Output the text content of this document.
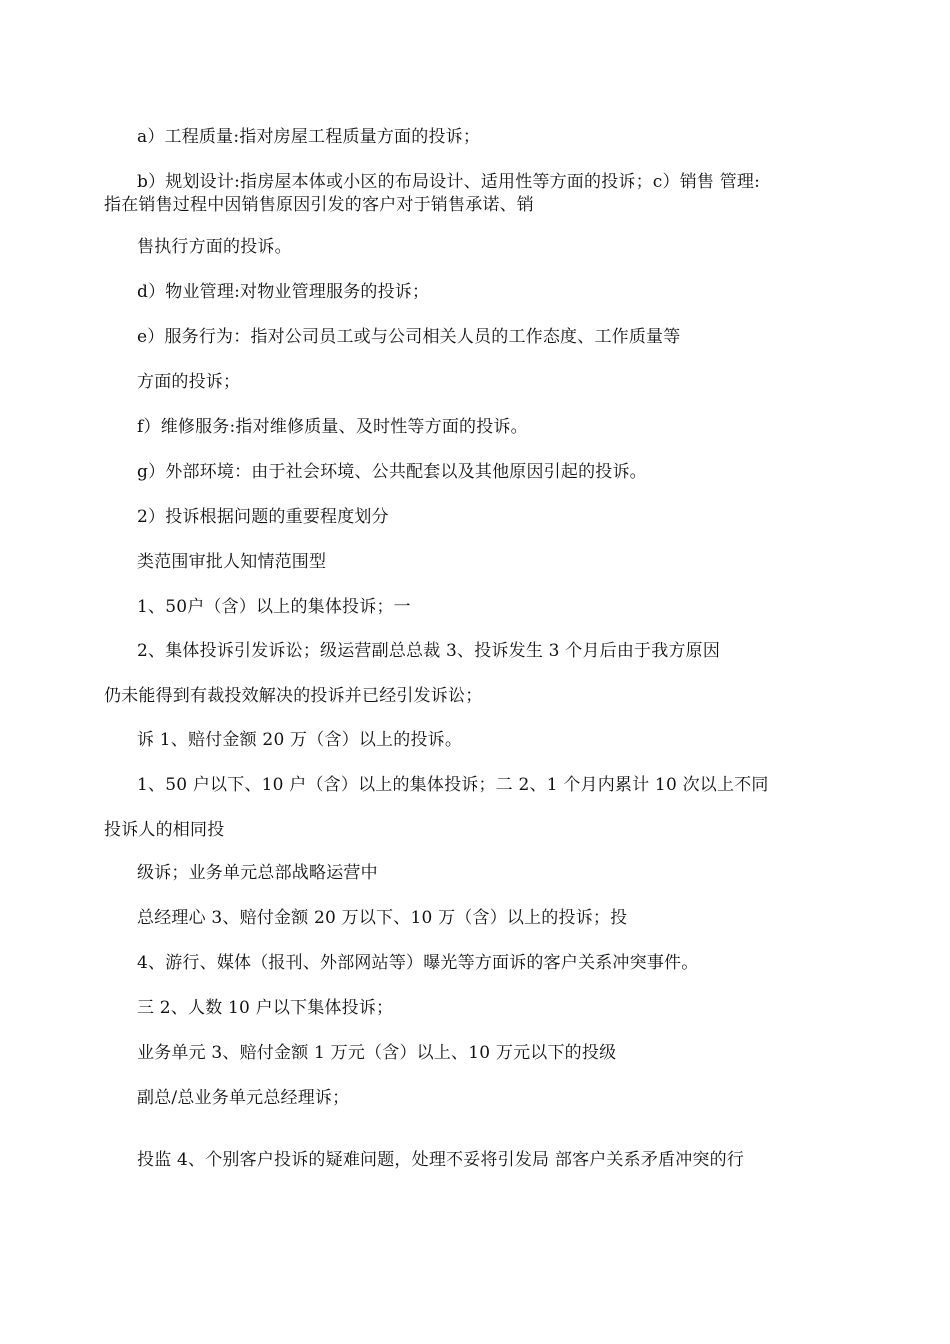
a）工程质量:指对房屋工程质量方面的投诉；
b）规划设计:指房屋本体或小区的布局设计、适用性等方面的投诉；c）销售 管理:
指在销售过程中因销售原因引发的客户对于销售承诺、销
售执行方面的投诉。
d）物业管理:对物业管理服务的投诉；
e）服务行为：指对公司员工或与公司相关人员的工作态度、工作质量等
方面的投诉；
f）维修服务:指对维修质量、及时性等方面的投诉。
g）外部环境：由于社会环境、公共配套以及其他原因引起的投诉。
2）投诉根据问题的重要程度划分
类范围审批人知情范围型
1、50户（含）以上的集体投诉；一
2、集体投诉引发诉讼；级运营副总总裁 3、投诉发生 3 个月后由于我方原因
仍未能得到有裁投效解决的投诉并已经引发诉讼；
诉 1、赔付金额 20 万（含）以上的投诉。
1、50 户以下、10 户（含）以上的集体投诉；二 2、1 个月内累计 10 次以上不同
投诉人的相同投
级诉；业务单元总部战略运营中
总经理心 3、赔付金额 20 万以下、10 万（含）以上的投诉；投
4、游行、媒体（报刊、外部网站等）曝光等方面诉的客户关系冲突事件。
三 2、人数 10 户以下集体投诉；
业务单元 3、赔付金额 1 万元（含）以上、10 万元以下的投级
副总/总业务单元总经理诉；
投监 4、个别客户投诉的疑难问题，处理不妥将引发局 部客户关系矛盾冲突的行
